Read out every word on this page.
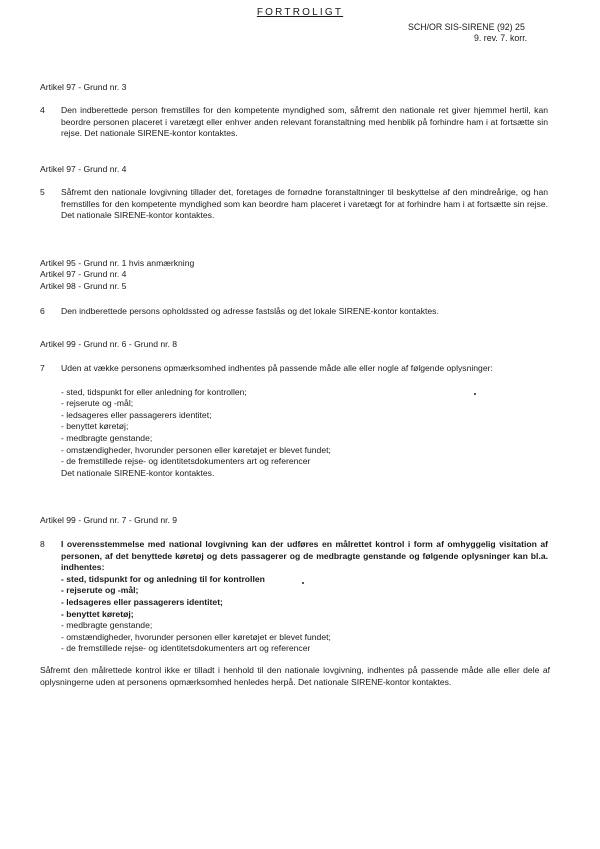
FORTROLIGT
SCH/OR SIS-SIRENE (92) 25
9. rev. 7. korr.
Artikel 97 - Grund nr. 3
4 Den indberettede person fremstilles for den kompetente myndighed som, såfremt den nationale ret giver hjemmel hertil, kan beordre personen placeret i varetægt eller enhver anden relevant foranstaltning med henblik på forhindre ham i at fortsætte sin rejse. Det nationale SIRENE-kontor kontaktes.
Artikel 97 - Grund nr. 4
5 Såfremt den nationale lovgivning tillader det, foretages de fornødne foranstaltninger til beskyttelse af den mindreårige, og han fremstilles for den kompetente myndighed som kan beordre ham placeret i varetægt for at forhindre ham i at fortsætte sin rejse. Det nationale SIRENE-kontor kontaktes.
Artikel 95 - Grund nr. 1 hvis anmærkning
Artikel 97 - Grund nr. 4
Artikel 98 - Grund nr. 5
6 Den indberettede persons opholdssted og adresse fastslås og det lokale SIRENE-kontor kontaktes.
Artikel 99 - Grund nr. 6 - Grund nr. 8
7 Uden at vække personens opmærksomhed indhentes på passende måde alle eller nogle af følgende oplysninger:

- sted, tidspunkt for eller anledning for kontrollen;
- rejserute og -mål;
- ledsageres eller passagerers identitet;
- benyttet køretøj;
- medbragte genstande;
- omstændigheder, hvorunder personen eller køretøjet er blevet fundet;
- de fremstillede rejse- og identitetsdokumenters art og referencer

Det nationale SIRENE-kontor kontaktes.

Artikel 99 - Grund nr. 7 - Grund nr. 9
8 I overensstemmelse med national lovgivning kan der udføres en målrettet kontrol i form af omhyggelig visitation af personen, af det benyttede køretøj og dets passagerer og de medbragte genstande og følgende oplysninger kan bl.a. indhentes:

- sted, tidspunkt for og anledning til for kontrollen
- rejserute og -mål;
- ledsageres eller passagerers identitet;
- benyttet køretøj;
- medbragte genstande;
- omstændigheder, hvorunder personen eller køretøjet er blevet fundet;
- de fremstillede rejse- og identitetsdokumenters art og referencer
Såfremt den målrettede kontrol ikke er tilladt i henhold til den nationale lovgivning, indhentes på passende måde alle eller dele af oplysningerne uden at personens opmærksomhed henledes herpå. Det nationale SIRENE-kontor kontaktes.
